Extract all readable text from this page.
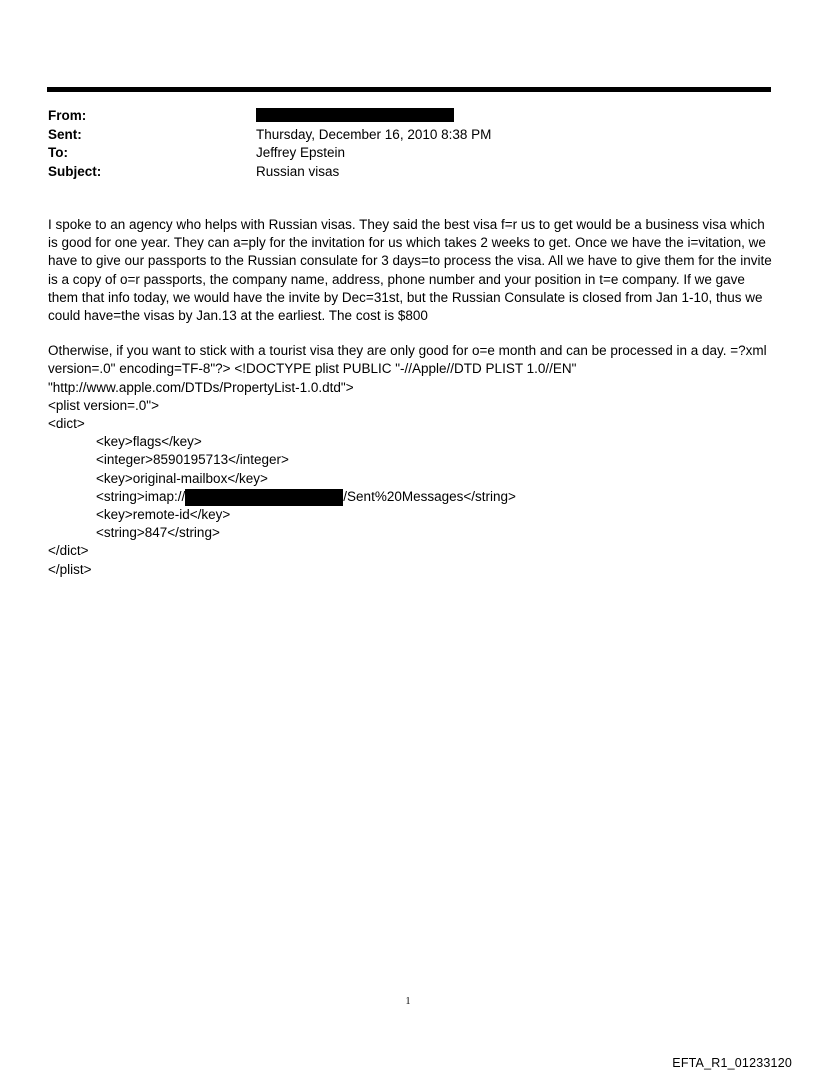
From:
Sent:	Thursday, December 16, 2010 8:38 PM
To:	Jeffrey Epstein
Subject:	Russian visas

I spoke to an agency who helps with Russian visas. They said the best visa f=r us to get would be a business visa which is good for one year. They can a=ply for the invitation for us which takes 2 weeks to get. Once we have the i=vitation, we have to give our passports to the Russian consulate for 3 days=to process the visa. All we have to give them for the invite is a copy of o=r passports, the company name, address, phone number and your position in t=e company. If we gave them that info today, we would have the invite by Dec=31st, but the Russian Consulate is closed from Jan 1-10, thus we could have=the visas by Jan.13 at the earliest. The cost is $800

Otherwise, if you want to stick with a tourist visa they are only good for o=e month and can be processed in a day. =?xml version=.0" encoding=TF-8"?> <!DOCTYPE plist PUBLIC "-//Apple//DTD PLIST 1.0//EN" "http://www.apple.com/DTDs/PropertyList-1.0.dtd">

<plist version=.0">
<dict>
<key>flags</key>
<integer>8590195713</integer>
<key>original-mailbox</key>
<string>imap://	/Sent%20Messages</string>
<key>remote-id</key>
<string>847</string>
</dict>
</plist>
1
EFTA_R1_01233120
